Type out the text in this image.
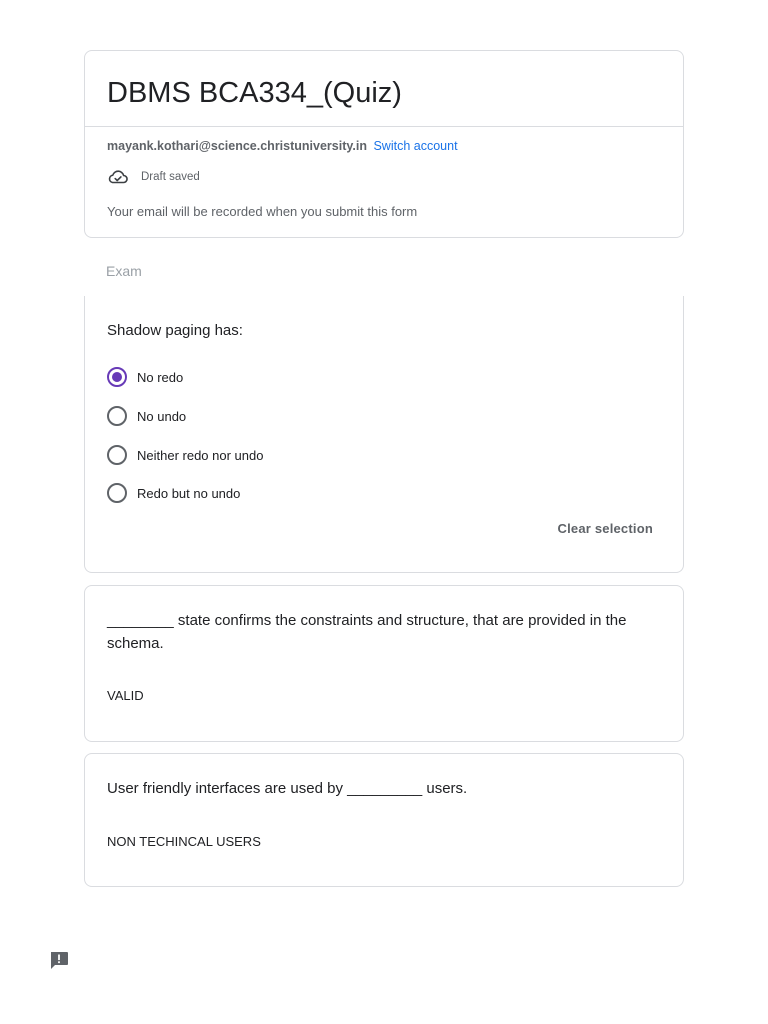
DBMS BCA334_(Quiz)
mayank.kothari@science.christuniversity.in Switch account
Draft saved
Your email will be recorded when you submit this form
Exam

Shadow paging has:

No redo
No undo
Neither redo nor undo
Redo but no undo
Clear selection

________ state confirms the constraints and structure, that are provided in the schema.

VALID

User friendly interfaces are used by _________ users.

NON TECHINCAL USERS
